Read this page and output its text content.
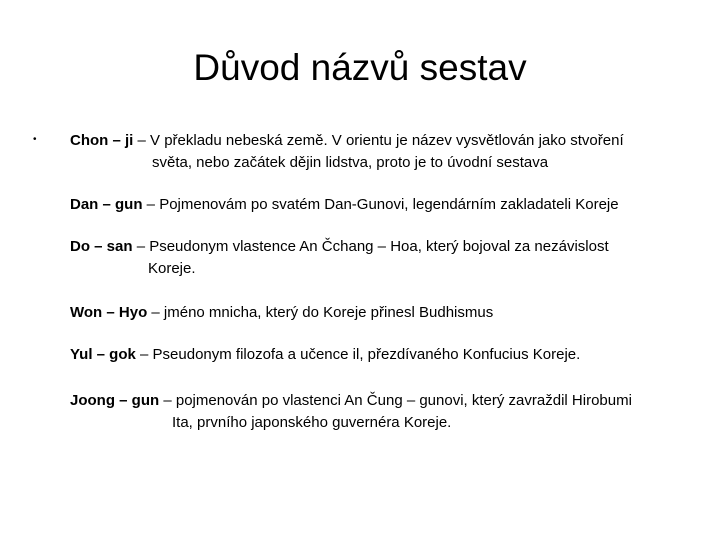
Důvod názvů sestav
• Chon – ji – V překladu nebeská země. V orientu je název vysvětlován jako stvoření
světa, nebo začátek dějin lidstva, proto je to úvodní sestava
Dan – gun – Pojmenovám po svatém Dan-Gunovi, legendárním zakladateli Koreje
Do – san – Pseudonym vlastence An Čchang – Hoa, který bojoval za nezávislost
Koreje.
Won – Hyo – jméno mnicha, který do Koreje přinesl Budhismus
Yul – gok – Pseudonym filozofa a učence il, přezdívaného Konfucius Koreje.
Joong – gun – pojmenován po vlastenci An Čung – gunovi, který zavraždil Hirobumi
Ita, prvního japonského guvernéra Koreje.
